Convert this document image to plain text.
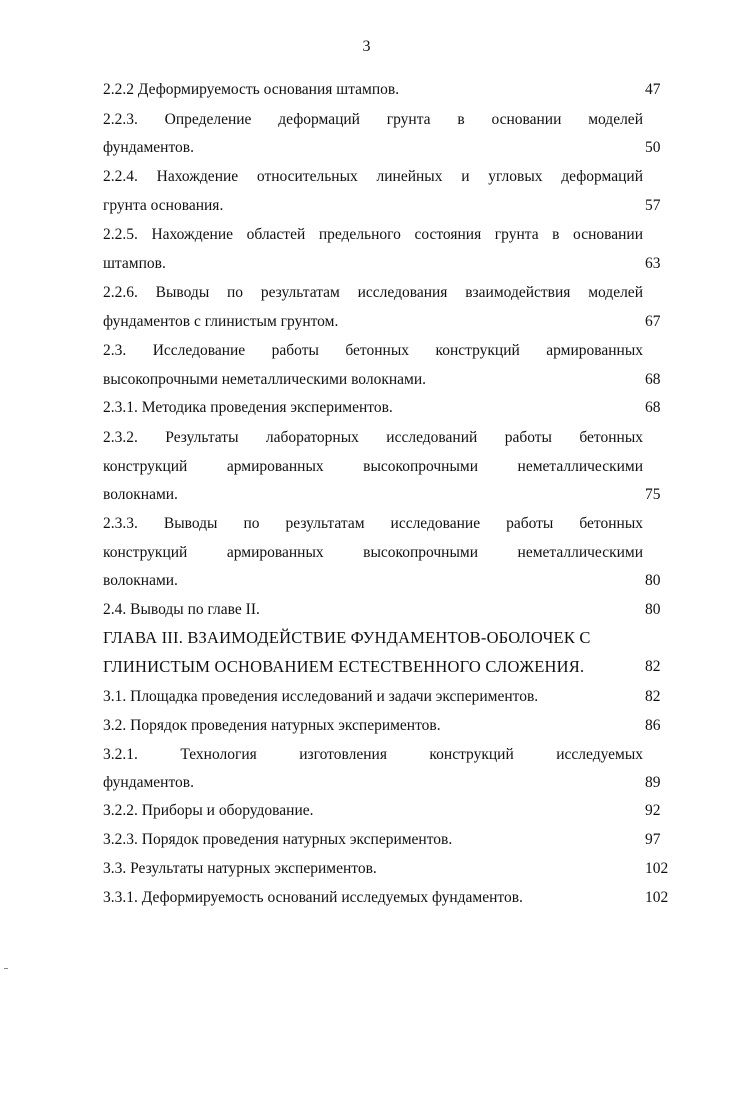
3
2.2.2 Деформируемость основания штампов.	47
2.2.3. Определение деформаций грунта в основании моделей
фундаментов.	50
2.2.4. Нахождение относительных линейных и угловых деформаций
грунта основания.	57
2.2.5. Нахождение областей предельного состояния грунта в основании
штампов.	63
2.2.6. Выводы по результатам исследования взаимодействия моделей
фундаментов с глинистым грунтом.	67
2.3. Исследование работы бетонных конструкций армированных
высокопрочными неметаллическими волокнами.	68
2.3.1. Методика проведения экспериментов.	68
2.3.2. Результаты лабораторных исследований работы бетонных
конструкций армированных высокопрочными неметаллическими
волокнами.	75
2.3.3. Выводы по результатам исследование работы бетонных
конструкций армированных высокопрочными неметаллическими
волокнами.	80
2.4. Выводы по главе II.	80
ГЛАВА III. ВЗАИМОДЕЙСТВИЕ ФУНДАМЕНТОВ-ОБОЛОЧЕК С
ГЛИНИСТЫМ ОСНОВАНИЕМ ЕСТЕСТВЕННОГО СЛОЖЕНИЯ.	82
3.1. Площадка проведения исследований и задачи экспериментов.	82
3.2. Порядок проведения натурных экспериментов.	86
3.2.1. Технология изготовления конструкций исследуемых
фундаментов.	89
3.2.2. Приборы и оборудование.	92
3.2.3. Порядок проведения натурных экспериментов.	97
3.3. Результаты натурных экспериментов.	102
3.3.1. Деформируемость оснований исследуемых фундаментов.	102
